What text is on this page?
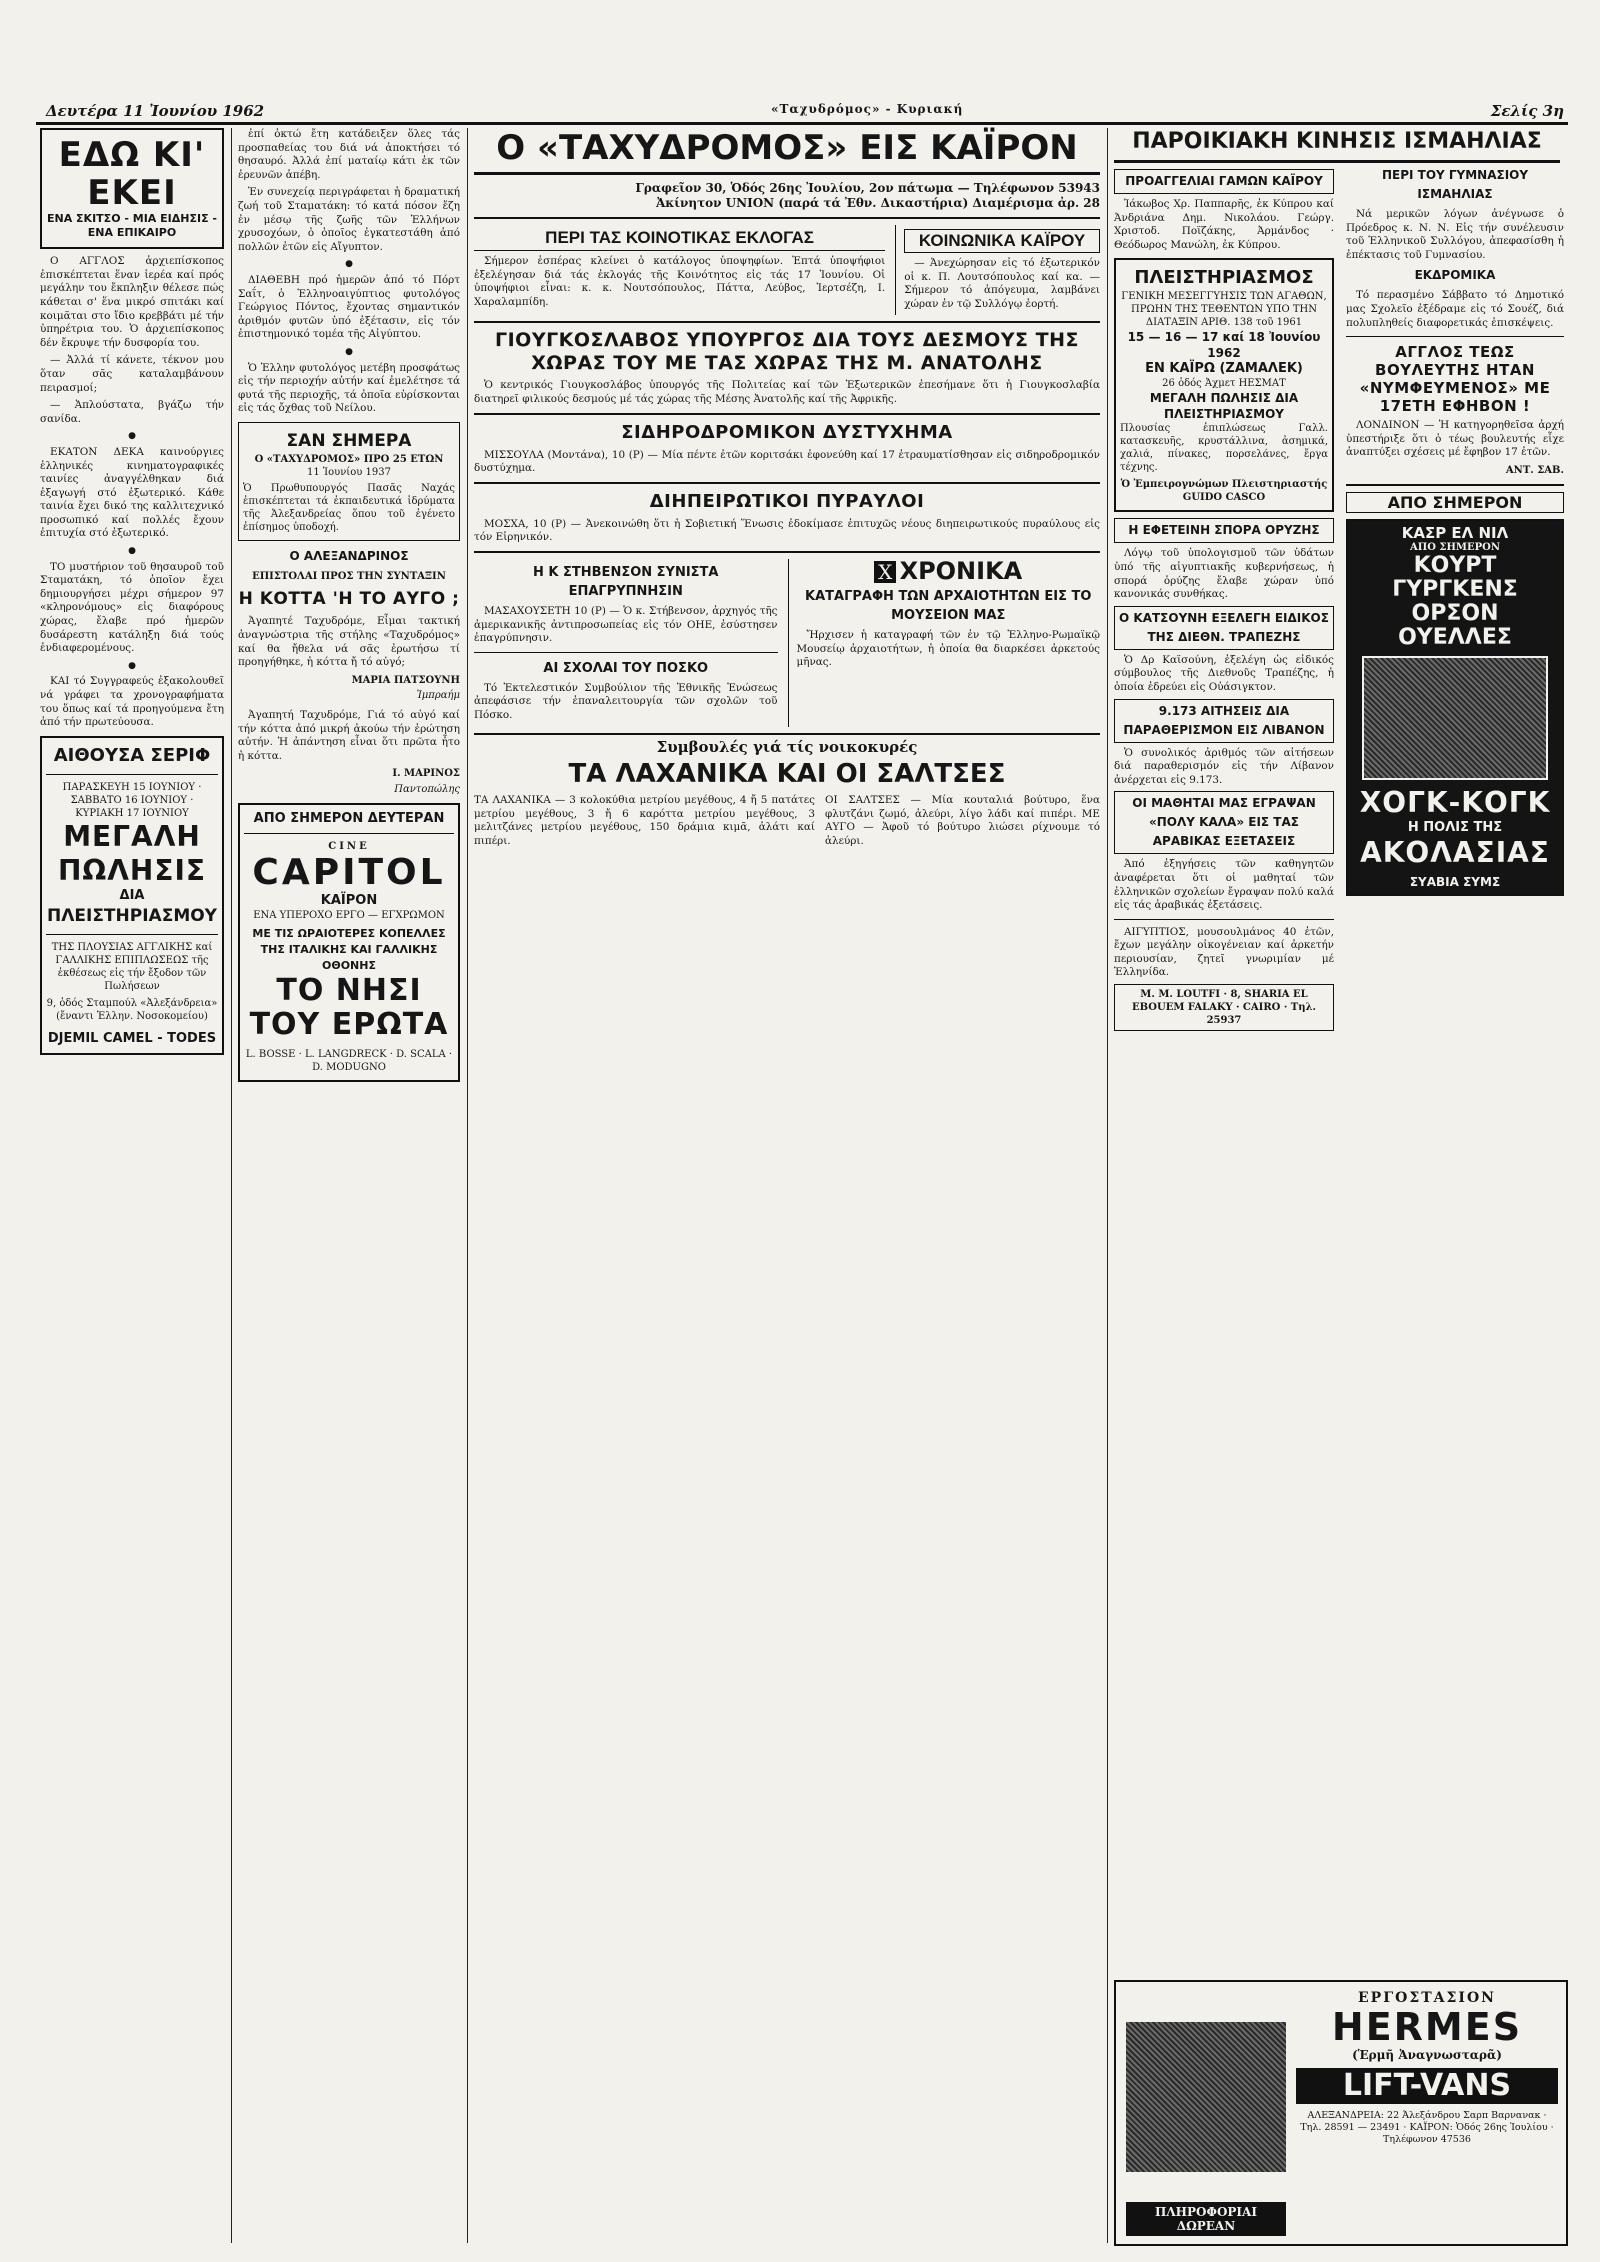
Δευτέρα 11 Ἰουνίου 1962	«Ταχυδρόμος» - Κυριακή	Σελίς 3η
ΕΔΩ ΚΙ' ΕΚΕΙ
ΕΝΑ ΣΚΙΤΣΟ - ΜΙΑ ΕΙΔΗΣΙΣ - ΕΝΑ ΕΠΙΚΑΙΡΟ

Ο ΑΓΓΛΟΣ ἀρχιεπίσκοπος ἐπισκέπτεται ἕναν ἱερέα καί πρός μεγάλην του ἔκπληξιν θέλεσε πώς κάθεται σ' ἕνα μικρό σπιτάκι καί κοιμᾶται στο ἴδιο κρεββάτι μέ τήν ὑπηρέτρια του. Ὁ ἀρχιεπίσκοπος δέν ἔκρυψε τήν δυσφορία του.

— Ἀλλά τί κάνετε, τέκνον μου ὅταν σᾶς καταλαμβάνουν πειρασμοί;

— Ἁπλούστατα, βγάζω τήν σανίδα.

●

ΕΚΑΤΟΝ ΔΕΚΑ καινούργιες ἑλληνικές κινηματογραφικές ταινίες ἀναγγέλθηκαν διά ἐξαγωγή στό ἐξωτερικό. Κάθε ταινία ἔχει δικό της καλλιτεχνικό προσωπικό καί πολλές ἔχουν ἐπιτυχία στό ἐξωτερικό.

●

ΤΟ μυστήριον τοῦ θησαυροῦ τοῦ Σταματάκη, τό ὁποῖον ἔχει δημιουργήσει μέχρι σήμερον 97 «κληρονόμους» εἰς διαφόρους χώρας, ἔλαβε πρό ἡμερῶν δυσάρεστη κατάληξη διά τούς ἐνδιαφερομένους.

●

ΚΑΙ τό Συγγραφεύς ἐξακολουθεῖ νά γράφει τα χρονογραφήματα του ὅπως καί τά προηγούμενα ἔτη ἀπό τήν πρωτεύουσα.

ΑΙΘΟΥΣΑ ΣΕΡΙΦ
ΠΑΡΑΣΚΕΥΗ 15 ΙΟΥΝΙΟΥ · ΣΑΒΒΑΤΟ 16 ΙΟΥΝΙΟΥ · ΚΥΡΙΑΚΗ 17 ΙΟΥΝΙΟΥ
ΜΕΓΑΛΗ
ΠΩΛΗΣΙΣ
ΔΙΑ
ΠΛΕΙΣΤΗΡΙΑΣΜΟΥ
ΤΗΣ ΠΛΟΥΣΙΑΣ ΑΓΓΛΙΚΗΣ καί ΓΑΛΛΙΚΗΣ ΕΠΙΠΛΩΣΕΩΣ τῆς ἐκθέσεως εἰς τήν ἔξοδον τῶν Πωλήσεων
9, ὁδός Σταμπούλ «Ἀλεξάνδρεια» (ἔναντι Ἑλλην. Νοσοκομείου)
DJEMIL CAMEL - TODES

ἐπί ὀκτώ ἔτη κατάδειξεν ὅλες τάς προσπαθείας του διά νά ἀποκτήσει τό θησαυρό. Ἀλλά ἐπί ματαίῳ κάτι ἐκ τῶν ἐρευνῶν ἀπέβη.

Ἐν συνεχείᾳ περιγράφεται ἡ δραματική ζωή τοῦ Σταματάκη: τό κατά πόσον ἔζη ἐν μέσῳ τῆς ζωῆς τῶν Ἑλλήνων χρυσοχόων, ὁ ὁποῖος ἐγκατεστάθη ἀπό πολλῶν ἐτῶν εἰς Αἴγυπτον.

●

ΔΙΑΘΕΒΗ πρό ἡμερῶν ἀπό τό Πόρτ Σαΐτ, ὁ Ἑλληνοαιγύπτιος φυτολόγος Γεώργιος Πόντος, ἔχοντας σημαντικόν ἀριθμόν φυτῶν ὑπό ἐξέτασιν, εἰς τόν ἐπιστημονικό τομέα τῆς Αἰγύπτου.

●

Ὁ Ἑλλην φυτολόγος μετέβη προσφάτως εἰς τήν περιοχήν αὐτήν καί ἐμελέτησε τά φυτά τῆς περιοχῆς, τά ὁποῖα εὑρίσκονται εἰς τάς ὄχθας τοῦ Νείλου.

ΣΑΝ ΣΗΜΕΡΑ
Ο «ΤΑΧΥΔΡΟΜΟΣ» ΠΡΟ 25 ΕΤΩΝ
11 Ἰουνίου 1937
Ὁ Πρωθυπουργός Πασᾶς Ναχάς ἐπισκέπτεται τά ἐκπαιδευτικά ἱδρύματα τῆς Ἀλεξανδρείας ὅπου τοῦ ἐγένετο ἐπίσημος ὑποδοχή.
Ο ΑΛΕΞΑΝΔΡΙΝΟΣ
ΕΠΙΣΤΟΛΑΙ ΠΡΟΣ ΤΗΝ ΣΥΝΤΑΞΙΝ
Η ΚΟΤΤΑ 'Η ΤΟ ΑΥΓΟ ;

Ἀγαπητέ Ταχυδρόμε, Εἶμαι τακτική ἀναγνώστρια τῆς στήλης «Ταχυδρόμος» καί θα ἤθελα νά σᾶς ἐρωτήσω τί προηγήθηκε, ἡ κόττα ἤ τό αὐγό;

ΜΑΡΙΑ ΠΑΤΣΟΥΝΗ
Ἰμπραήμ

Ἀγαπητή Ταχυδρόμε, Γιά τό αὐγό καί τήν κόττα ἀπό μικρή ἀκούω τήν ἐρώτηση αὐτήν. Ἡ ἀπάντηση εἶναι ὅτι πρῶτα ἦτο ἡ κόττα.

Ι. ΜΑΡΙΝΟΣ
Παντοπώλης
ΑΠΟ ΣΗΜΕΡΟΝ ΔΕΥΤΕΡΑΝ
CINE
CAPITOL
ΚΑΪΡΟΝ
ΕΝΑ ΥΠΕΡΟΧΟ ΕΡΓΟ — ΕΓΧΡΩΜΟΝ
ΜΕ ΤΙΣ ΩΡΑΙΟΤΕΡΕΣ ΚΟΠΕΛΛΕΣ ΤΗΣ ΙΤΑΛΙΚΗΣ ΚΑΙ ΓΑΛΛΙΚΗΣ ΟΘΟΝΗΣ
ΤΟ ΝΗΣΙ
ΤΟΥ ΕΡΩΤΑ
L. BOSSE · L. LANGDRECK · D. SCALA · D. MODUGNO
Ο «ΤΑΧΥΔΡΟΜΟΣ» ΕΙΣ ΚΑΪΡΟΝ
Γραφεῖον 30, Ὁδός 26ης Ἰουλίου, 2ον πάτωμα — Τηλέφωνον 53943
Ἀκίνητον UNION (παρά τά Ἐθν. Δικαστήρια) Διαμέρισμα ἀρ. 28
ΠΕΡΙ ΤΑΣ ΚΟΙΝΟΤΙΚΑΣ ΕΚΛΟΓΑΣ

Σήμερον ἑσπέρας κλείνει ὁ κατάλογος ὑποψηφίων. Ἑπτά ὑποψήφιοι ἐξελέγησαν διά τάς ἐκλογάς τῆς Κοινότητος εἰς τάς 17 Ἰουνίου. Οἱ ὑποψήφιοι εἶναι: κ. κ. Νουτσόπουλος, Πάττα, Λεύβος, Ἰερτσέζη, Ι. Χαραλαμπίδη.

ΚΟΙΝΩΝΙΚΑ ΚΑΪΡΟΥ

— Ἀνεχώρησαν εἰς τό ἐξωτερικόν οἱ κ. Π. Λουτσόπουλος καί κα. — Σήμερον τό ἀπόγευμα, λαμβάνει χώραν ἐν τῷ Συλλόγῳ ἑορτή.

ΓΙΟΥΓΚΟΣΛΑΒΟΣ ΥΠΟΥΡΓΟΣ ΔΙΑ ΤΟΥΣ ΔΕΣΜΟΥΣ ΤΗΣ ΧΩΡΑΣ ΤΟΥ ΜΕ ΤΑΣ ΧΩΡΑΣ ΤΗΣ Μ. ΑΝΑΤΟΛΗΣ

Ὁ κεντρικός Γιουγκοσλάβος ὑπουργός τῆς Πολιτείας καί τῶν Ἐξωτερικῶν ἐπεσήμανε ὅτι ἡ Γιουγκοσλαβία διατηρεῖ φιλικούς δεσμούς μέ τάς χώρας τῆς Μέσης Ἀνατολῆς καί τῆς Ἀφρικῆς.

ΣΙΔΗΡΟΔΡΟΜΙΚΟΝ ΔΥΣΤΥΧΗΜΑ

ΜΙΣΣΟΥΛΑ (Μοντάνα), 10 (Ρ) — Μία πέντε ἐτῶν κοριτσάκι ἐφονεύθη καί 17 ἐτραυματίσθησαν εἰς σιδηροδρομικόν δυστύχημα.

ΔΙΗΠΕΙΡΩΤΙΚΟΙ ΠΥΡΑΥΛΟΙ

ΜΟΣΧΑ, 10 (Ρ) — Ἀνεκοινώθη ὅτι ἡ Σοβιετική Ἕνωσις ἐδοκίμασε ἐπιτυχῶς νέους διηπειρωτικούς πυραύλους εἰς τόν Εἰρηνικόν.

Η Κ ΣΤΗΒΕΝΣΟΝ ΣΥΝΙΣΤΑ ΕΠΑΓΡΥΠΝΗΣΙΝ

ΜΑΣΑΧΟΥΣΕΤΗ 10 (Ρ) — Ὁ κ. Στήβενσον, ἀρχηγός τῆς ἀμερικανικῆς ἀντιπροσωπείας εἰς τόν ΟΗΕ, ἐσύστησεν ἐπαγρύπνησιν.

ΑΙ ΣΧΟΛΑΙ ΤΟΥ ΠΟΣΚΟ

Τό Ἐκτελεστικόν Συμβούλιον τῆς Ἐθνικῆς Ἑνώσεως ἀπεφάσισε τήν ἐπαναλειτουργία τῶν σχολῶν τοῦ Πόσκο.

Χ ΧΡΟΝΙΚΑ
ΚΑΤΑΓΡΑΦΗ ΤΩΝ ΑΡΧΑΙΟΤΗΤΩΝ ΕΙΣ ΤΟ ΜΟΥΣΕΙΟΝ ΜΑΣ

Ἤρχισεν ἡ καταγραφή τῶν ἐν τῷ Ἑλληνο-Ρωμαϊκῷ Μουσείῳ ἀρχαιοτήτων, ἡ ὁποία θα διαρκέσει ἀρκετούς μῆνας.

Συμβουλές γιά τίς νοικοκυρές
ΤΑ ΛΑΧΑΝΙΚΑ ΚΑΙ ΟΙ ΣΑΛΤΣΕΣ

ΤΑ ΛΑΧΑΝΙΚΑ — 3 κολοκύθια μετρίου μεγέθους, 4 ἤ 5 πατάτες μετρίου μεγέθους, 3 ἤ 6 καρόττα μετρίου μεγέθους, 3 μελιτζάνες μετρίου μεγέθους, 150 δράμια κιμᾶ, ἀλάτι καί πιπέρι.

ΟΙ ΣΑΛΤΣΕΣ — Μία κουταλιά βούτυρο, ἕνα φλυτζάνι ζωμό, ἀλεύρι, λίγο λάδι καί πιπέρι. ΜΕ ΑΥΓΟ — Ἀφοῦ τό βούτυρο λιώσει ρίχνουμε τό ἀλεύρι.

ΠΑΡΟΙΚΙΑΚΗ ΚΙΝΗΣΙΣ ΙΣΜΑΗΛΙΑΣ
ΠΡΟΑΓΓΕΛΙΑΙ ΓΑΜΩΝ ΚΑΪΡΟΥ

Ἰάκωβος Χρ. Παππαρῆς, ἐκ Κύπρου καί Ἀνδριάνα Δημ. Νικολάου. Γεώργ. Χριστοδ. Ποϊζάκης, Ἀρμάνδος · Θεόδωρος Μανώλη, ἐκ Κύπρου.

ΠΛΕΙΣΤΗΡΙΑΣΜΟΣ
ΓΕΝΙΚΗ ΜΕΣΕΓΓΥΗΣΙΣ ΤΩΝ ΑΓΑΘΩΝ, ΠΡΩΗΝ ΤΗΣ ΤΕΘΕΝΤΩΝ ΥΠΟ ΤΗΝ ΔΙΑΤΑΞΙΝ ΑΡΙΘ. 138 τοῦ 1961
15 — 16 — 17 καί 18 Ἰουνίου 1962
ΕΝ ΚΑΪΡΩ (ΖΑΜΑΛΕΚ)
26 ὁδός Ἀχμετ ΗΕΣΜΑΤ
ΜΕΓΑΛΗ ΠΩΛΗΣΙΣ ΔΙΑ ΠΛΕΙΣΤΗΡΙΑΣΜΟΥ
Πλουσίας ἐπιπλώσεως Γαλλ. κατασκευῆς, κρυστάλλινα, ἀσημικά, χαλιά, πίνακες, πορσελάνες, ἔργα τέχνης.
Ὁ Ἐμπειρογνώμων Πλειστηριαστής GUIDO CASCO
Η ΕΦΕΤΕΙΝΗ ΣΠΟΡΑ ΟΡΥΖΗΣ

Λόγῳ τοῦ ὑπολογισμοῦ τῶν ὑδάτων ὑπό τῆς αἰγυπτιακῆς κυβερνήσεως, ἡ σπορά ὀρύζης ἔλαβε χώραν ὑπό κανονικάς συνθήκας.

Ο ΚΑΤΣΟΥΝΗ ΕΞΕΛΕΓΗ ΕΙΔΙΚΟΣ ΤΗΣ ΔΙΕΘΝ. ΤΡΑΠΕΖΗΣ

Ὁ Δρ Καϊσούνη, ἐξελέγη ὡς εἰδικός σύμβουλος τῆς Διεθνοῦς Τραπέζης, ἡ ὁποία ἐδρεύει εἰς Οὐάσιγκτον.

9.173 ΑΙΤΗΣΕΙΣ ΔΙΑ ΠΑΡΑΘΕΡΙΣΜΟΝ ΕΙΣ ΛΙΒΑΝΟΝ

Ὁ συνολικός ἀριθμός τῶν αἰτήσεων διά παραθερισμόν εἰς τήν Λίβανον ἀνέρχεται εἰς 9.173.

ΟΙ ΜΑΘΗΤΑΙ ΜΑΣ ΕΓΡΑΨΑΝ «ΠΟΛΥ ΚΑΛΑ» ΕΙΣ ΤΑΣ ΑΡΑΒΙΚΑΣ ΕΞΕΤΑΣΕΙΣ

Ἀπό ἐξηγήσεις τῶν καθηγητῶν ἀναφέρεται ὅτι οἱ μαθηταί τῶν ἑλληνικῶν σχολείων ἔγραψαν πολύ καλά εἰς τάς ἀραβικάς ἐξετάσεις.

ΑΙΓΥΠΤΙΟΣ, μουσουλμάνος 40 ἐτῶν, ἔχων μεγάλην οἰκογένειαν καί ἀρκετήν περιουσίαν, ζητεῖ γνωριμίαν μέ Ἑλληνίδα.

M. M. LOUTFI · 8, SHARIA EL EBOUEM FALAKY · CAIRO · Τηλ. 25937
ΠΕΡΙ ΤΟΥ ΓΥΜΝΑΣΙΟΥ ΙΣΜΑΗΛΙΑΣ

Νά μερικῶν λόγων ἀνέγνωσε ὁ Πρόεδρος κ. Ν. Ν. Εἰς τήν συνέλευσιν τοῦ Ἑλληνικοῦ Συλλόγου, ἀπεφασίσθη ἡ ἐπέκτασις τοῦ Γυμνασίου.

ΕΚΔΡΟΜΙΚΑ

Τό περασμένο Σάββατο τό Δημοτικό μας Σχολεῖο ἐξέδραμε εἰς τό Σουέζ, διά πολυπληθείς διαφορετικάς ἐπισκέψεις.

ΑΓΓΛΟΣ ΤΕΩΣ ΒΟΥΛΕΥΤΗΣ ΗΤΑΝ «ΝΥΜΦΕΥΜΕΝΟΣ» ΜΕ 17ΕΤΗ ΕΦΗΒΟΝ !

ΛΟΝΔΙΝΟΝ — Ἡ κατηγορηθεῖσα ἀρχή ὑπεστήριξε ὅτι ὁ τέως βουλευτής εἶχε ἀναπτύξει σχέσεις μέ ἔφηβον 17 ἐτῶν.

ΑΝΤ. ΣΑΒ.
ΑΠΟ ΣΗΜΕΡΟΝ
ΚΑΣΡ ΕΛ ΝΙΛ
ΑΠΟ ΣΗΜΕΡΟΝ
ΚΟΥΡΤ ΓΥΡΓΚΕΝΣ
ΟΡΣΟΝ ΟΥΕΛΛΕΣ
ΧΟΓΚ-ΚΟΓΚ
Η ΠΟΛΙΣ ΤΗΣ
ΑΚΟΛΑΣΙΑΣ
ΣΥΑΒΙΑ ΣΥΜΣ
ΕΡΓΟΣΤΑΣΙΟΝ
HERMES
(Ἑρμῆ Ἀναγνωσταρᾶ)
LIFT-VANS
ΑΛΕΞΑΝΔΡΕΙΑ: 22 Ἀλεξάνδρου Σαρπ Βαρνανακ · Τηλ. 28591 — 23491 · ΚΑΪΡΟΝ: Ὁδός 26ης Ἰουλίου · Τηλέφωνον 47536
ΠΛΗΡΟΦΟΡΙΑΙ ΔΩΡΕΑΝ
